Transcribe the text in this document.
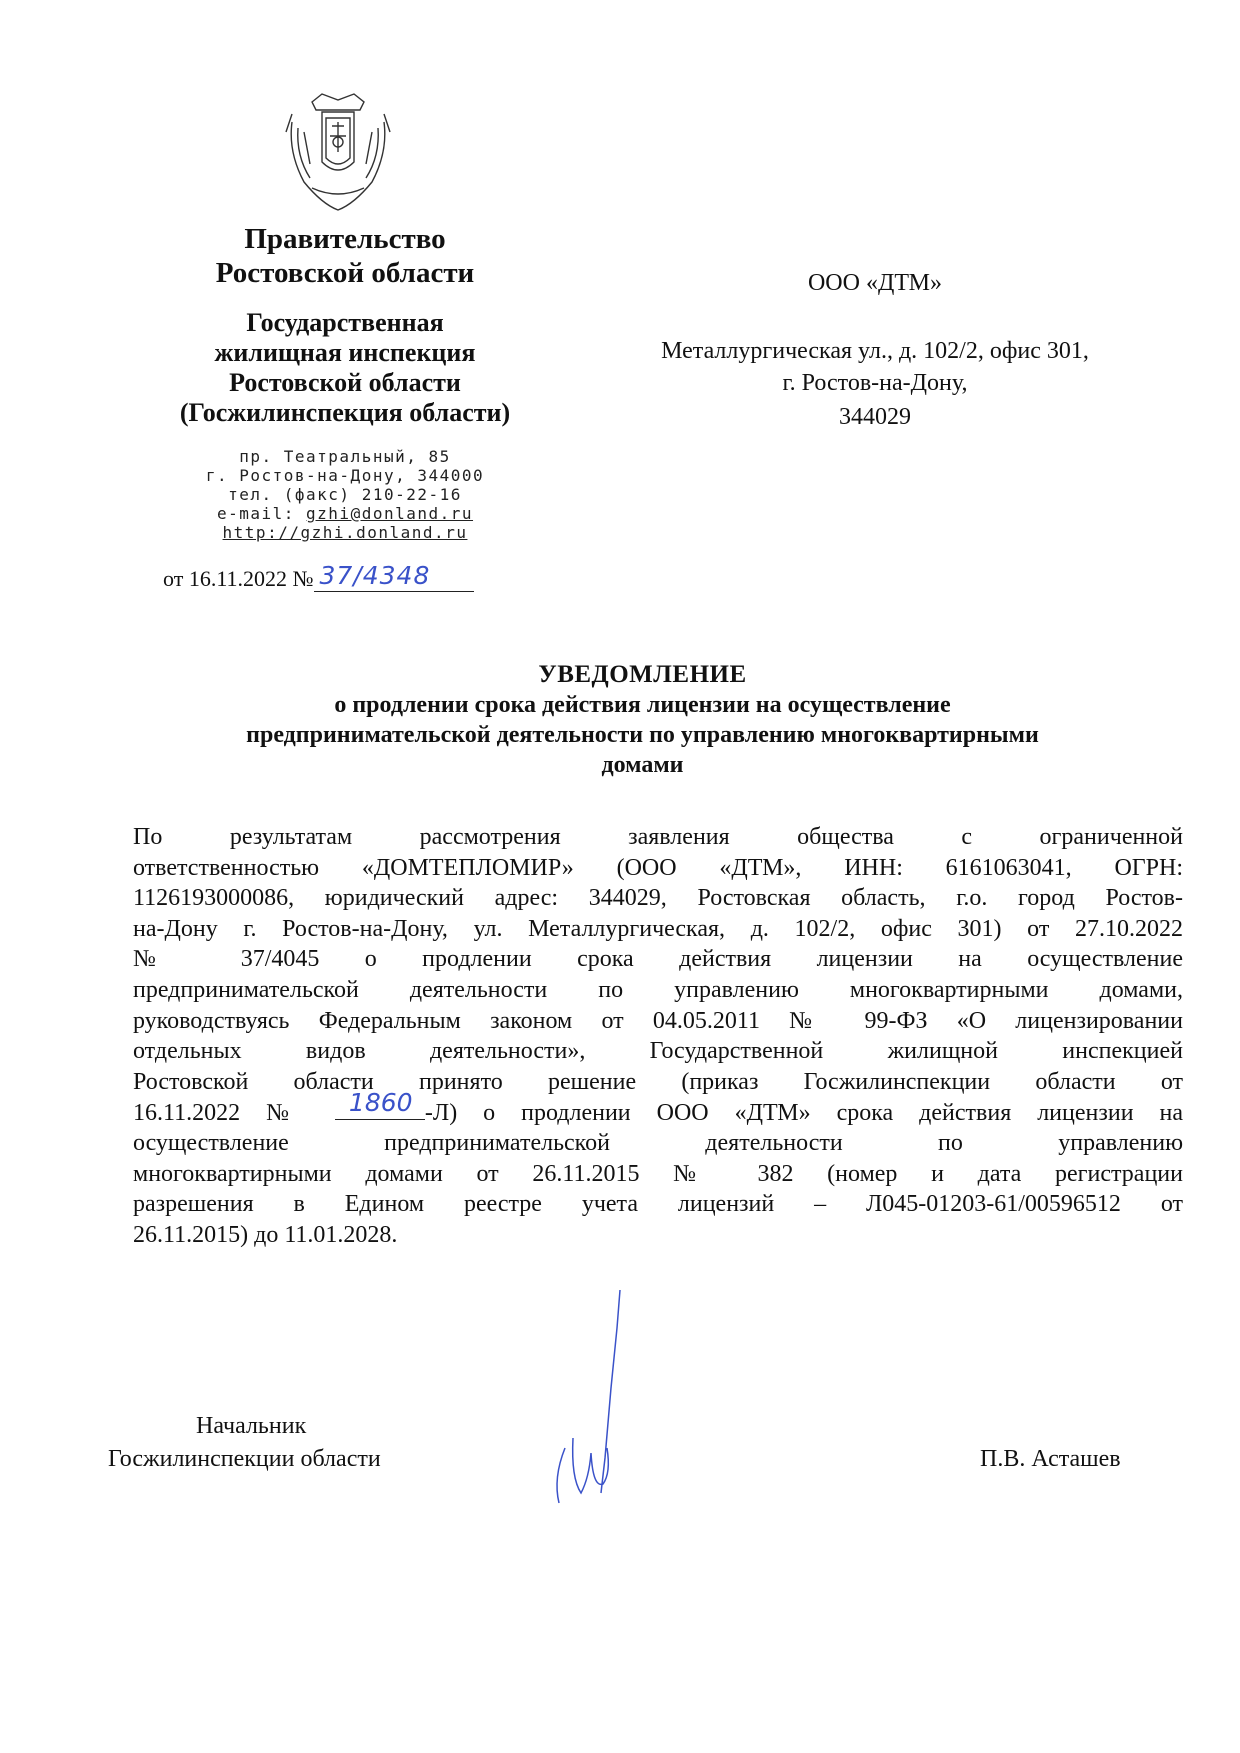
Правительство
Ростовской области
Государственная
жилищная инспекция
Ростовской области
(Госжилинспекция области)
пр. Театральный, 85
г. Ростов-на-Дону, 344000
тел. (факс) 210-22-16
e-mail: gzhi@donland.ru
http://gzhi.donland.ru
от 16.11.2022 № 37/4348
ООО «ДТМ»
Металлургическая ул., д. 102/2, офис 301,
г. Ростов-на-Дону,
344029
УВЕДОМЛЕНИЕ
о продлении срока действия лицензии на осуществление
предпринимательской деятельности по управлению многоквартирными
домами
По результатам рассмотрения заявления общества с ограниченной
ответственностью «ДОМТЕПЛОМИР» (ООО «ДТМ», ИНН: 6161063041, ОГРН:
1126193000086, юридический адрес: 344029, Ростовская область, г.о. город Ростов-
на-Дону г. Ростов-на-Дону, ул. Металлургическая, д. 102/2, офис 301) от 27.10.2022
№ 37/4045 о продлении срока действия лицензии на осуществление
предпринимательской деятельности по управлению многоквартирными домами,
руководствуясь Федеральным законом от 04.05.2011 № 99-ФЗ «О лицензировании
отдельных видов деятельности», Государственной жилищной инспекцией
Ростовской области принято решение (приказ Госжилинспекции области от
16.11.2022 № 1860 -Л) о продлении ООО «ДТМ» срока действия лицензии на
осуществление предпринимательской деятельности по управлению
многоквартирными домами от 26.11.2015 № 382 (номер и дата регистрации
разрешения в Едином реестре учета лицензий – Л045-01203-61/00596512 от
26.11.2015) до 11.01.2028.
Начальник
Госжилинспекции области	П.В. Асташев
